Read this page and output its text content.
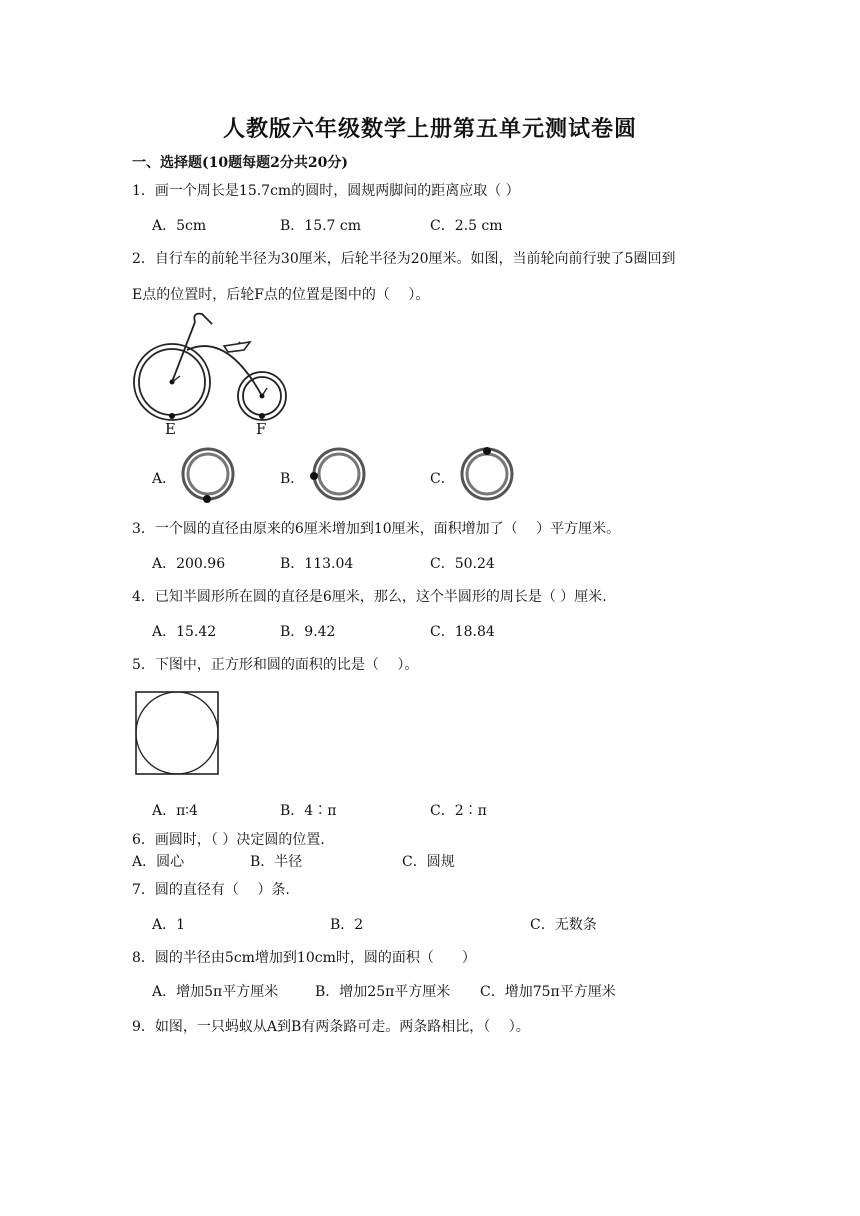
人教版六年级数学上册第五单元测试卷圆
一、选择题(10题每题2分共20分)
1．画一个周长是15.7cm的圆时，圆规两脚间的距离应取（ ）
A．5cm	B．15.7 cm	C．2.5 cm
2．自行车的前轮半径为30厘米，后轮半径为20厘米。如图，当前轮向前行驶了5圈回到
E点的位置时，后轮F点的位置是图中的（　 ）。
E	F
A．	B．	C．
3．一个圆的直径由原来的6厘米增加到10厘米，面积增加了（　 ）平方厘米。
A．200.96	B．113.04	C．50.24
4．已知半圆形所在圆的直径是6厘米，那么，这个半圆形的周长是（ ）厘米.
A．15.42	B．9.42	C．18.84
5．下图中，正方形和圆的面积的比是（　 ）。
A．π∶4	B．4∶π	C．2∶π
6．画圆时，（ ）决定圆的位置.
A．圆心	B．半径	C．圆规
7．圆的直径有（　 ）条.
A．1	B．2	C．无数条
8．圆的半径由5cm增加到10cm时，圆的面积（　　）
A．增加5π平方厘米	B．增加25π平方厘米 C．增加75π平方厘米
9．如图，一只蚂蚁从A到B有两条路可走。两条路相比，（　 ）。
